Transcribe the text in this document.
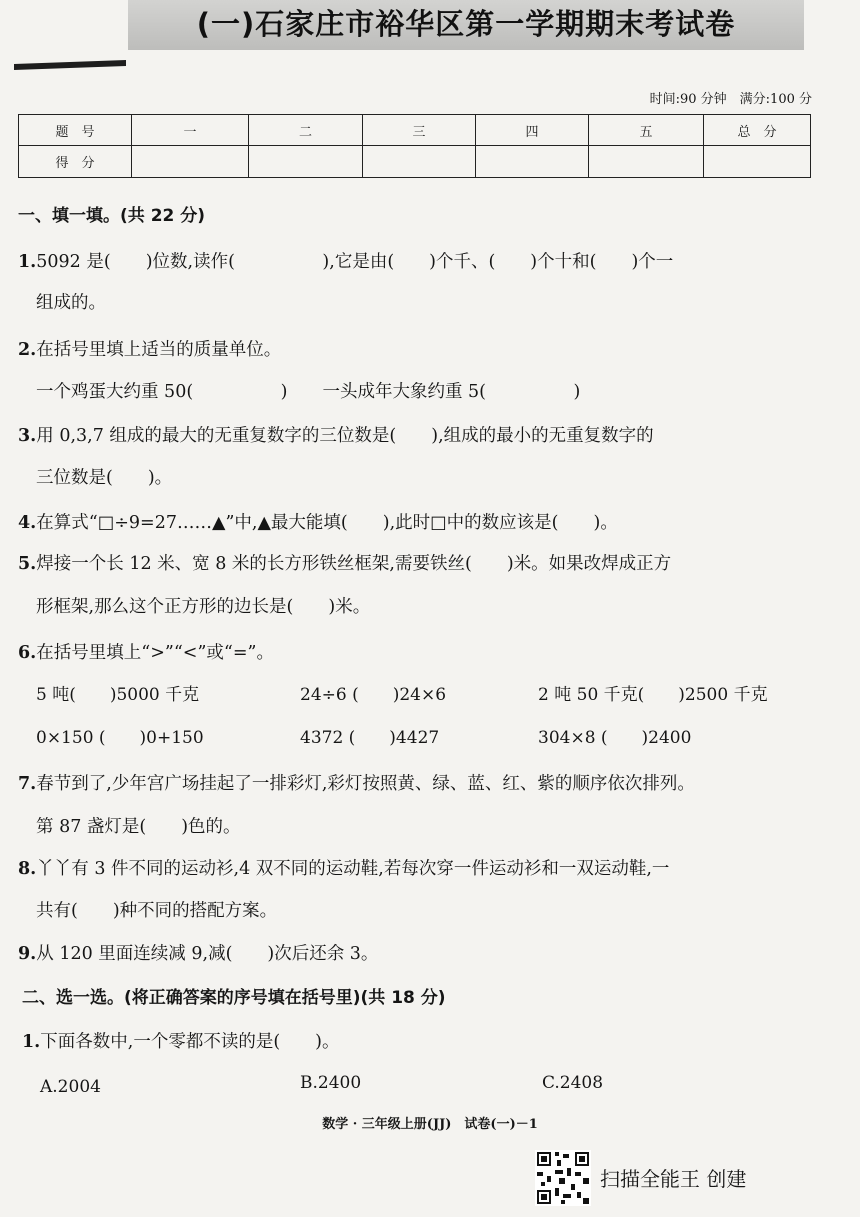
(一)石家庄市裕华区第一学期期末考试卷
时间:90 分钟　满分:100 分
题　号	一	二	三	四	五	总　分
得　分						
一、填一填。(共 22 分)
1.5092 是(　　)位数,读作(　　　　　),它是由(　　)个千、(　　)个十和(　　)个一
组成的。
2.在括号里填上适当的质量单位。
一个鸡蛋大约重 50(　　　　　)　　一头成年大象约重 5(　　　　　)
3.用 0,3,7 组成的最大的无重复数字的三位数是(　　),组成的最小的无重复数字的
三位数是(　　)。
4.在算式“□÷9=27……▲”中,▲最大能填(　　),此时□中的数应该是(　　)。
5.焊接一个长 12 米、宽 8 米的长方形铁丝框架,需要铁丝(　　)米。如果改焊成正方
形框架,那么这个正方形的边长是(　　)米。
6.在括号里填上“>”“<”或“=”。
5 吨(　　)5000 千克	24÷6 (　　)24×6	2 吨 50 千克(　　)2500 千克
0×150 (　　)0+150	4372 (　　)4427	304×8 (　　)2400
7.春节到了,少年宫广场挂起了一排彩灯,彩灯按照黄、绿、蓝、红、紫的顺序依次排列。
第 87 盏灯是(　　)色的。
8.丫丫有 3 件不同的运动衫,4 双不同的运动鞋,若每次穿一件运动衫和一双运动鞋,一
共有(　　)种不同的搭配方案。
9.从 120 里面连续减 9,减(　　)次后还余 3。
二、选一选。(将正确答案的序号填在括号里)(共 18 分)
1.下面各数中,一个零都不读的是(　　)。
A.2004	B.2400	C.2408
数学 · 三年级上册(JJ)　试卷(一)－1
扫描全能王 创建
